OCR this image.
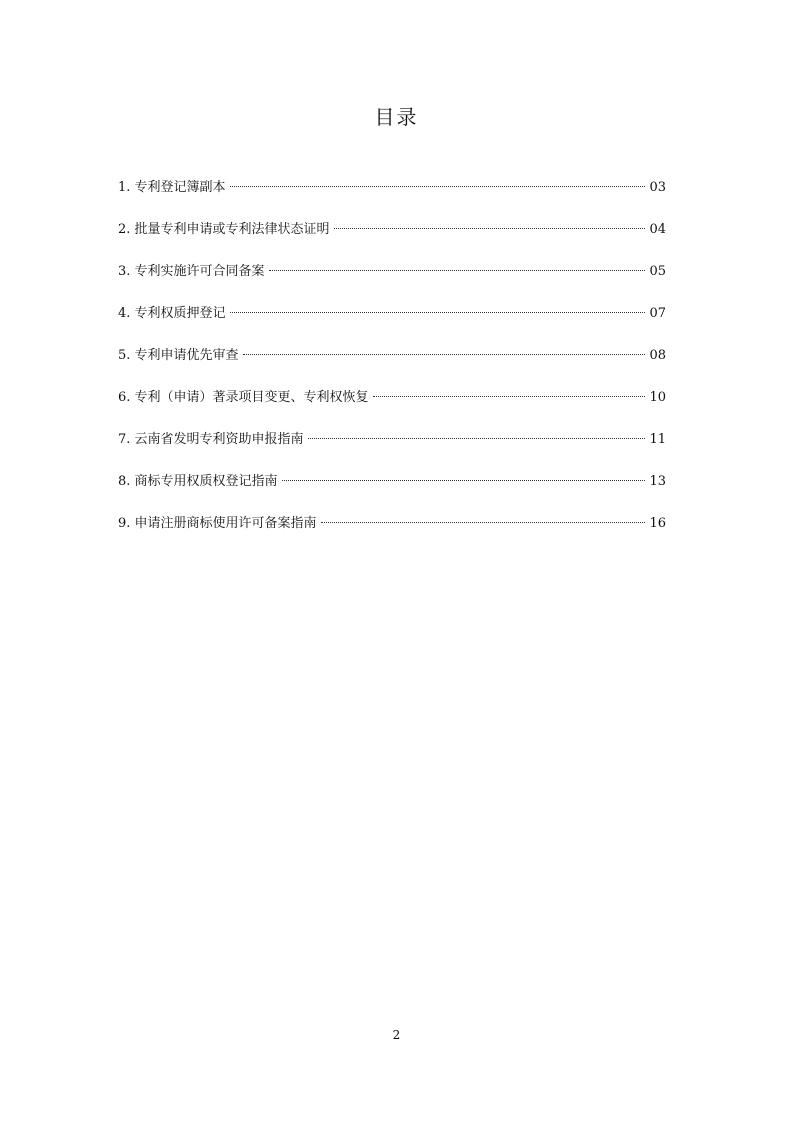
目录
1. 专利登记簿副本	03
2. 批量专利申请或专利法律状态证明	04
3. 专利实施许可合同备案	05
4. 专利权质押登记	07
5. 专利申请优先审查	08
6. 专利（申请）著录项目变更、专利权恢复	10
7. 云南省发明专利资助申报指南	11
8. 商标专用权质权登记指南	13
9. 申请注册商标使用许可备案指南	16
2
